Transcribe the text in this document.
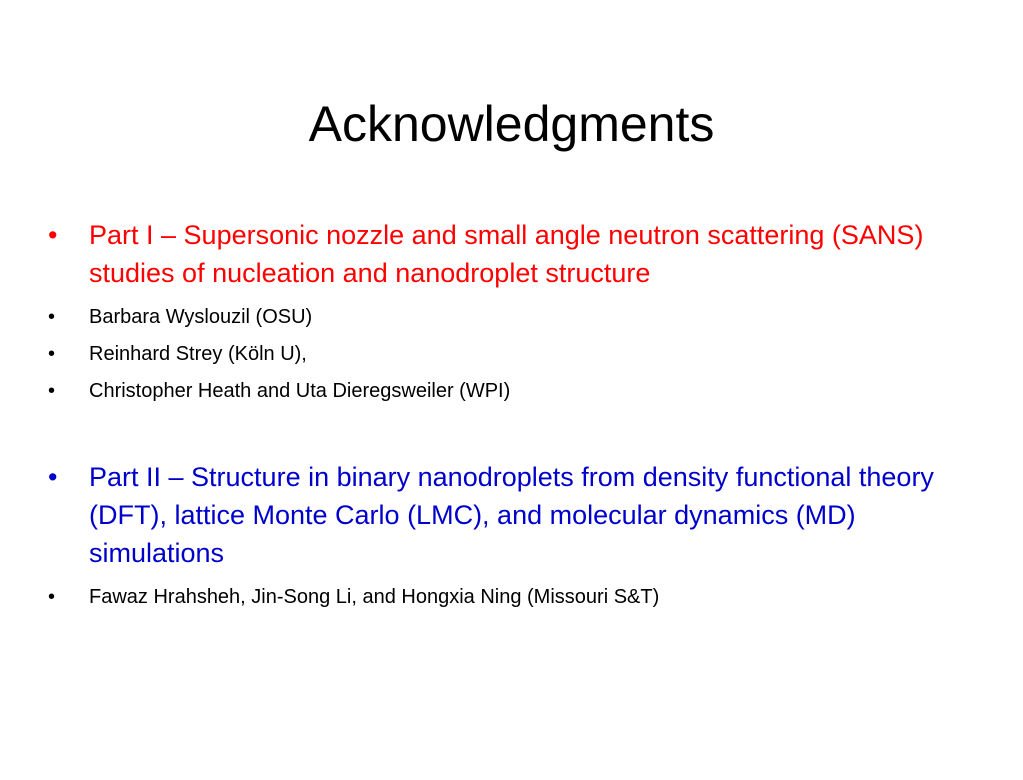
Acknowledgments
• Part I – Supersonic nozzle and small angle neutron scattering (SANS) studies of nucleation and nanodroplet structure
• Barbara Wyslouzil (OSU)
• Reinhard Strey (Köln U),
• Christopher Heath and Uta Dieregsweiler (WPI)
• Part II – Structure in binary nanodroplets from density functional theory (DFT), lattice Monte Carlo (LMC), and molecular dynamics (MD) simulations
• Fawaz Hrahsheh, Jin-Song Li, and Hongxia Ning (Missouri S&T)
